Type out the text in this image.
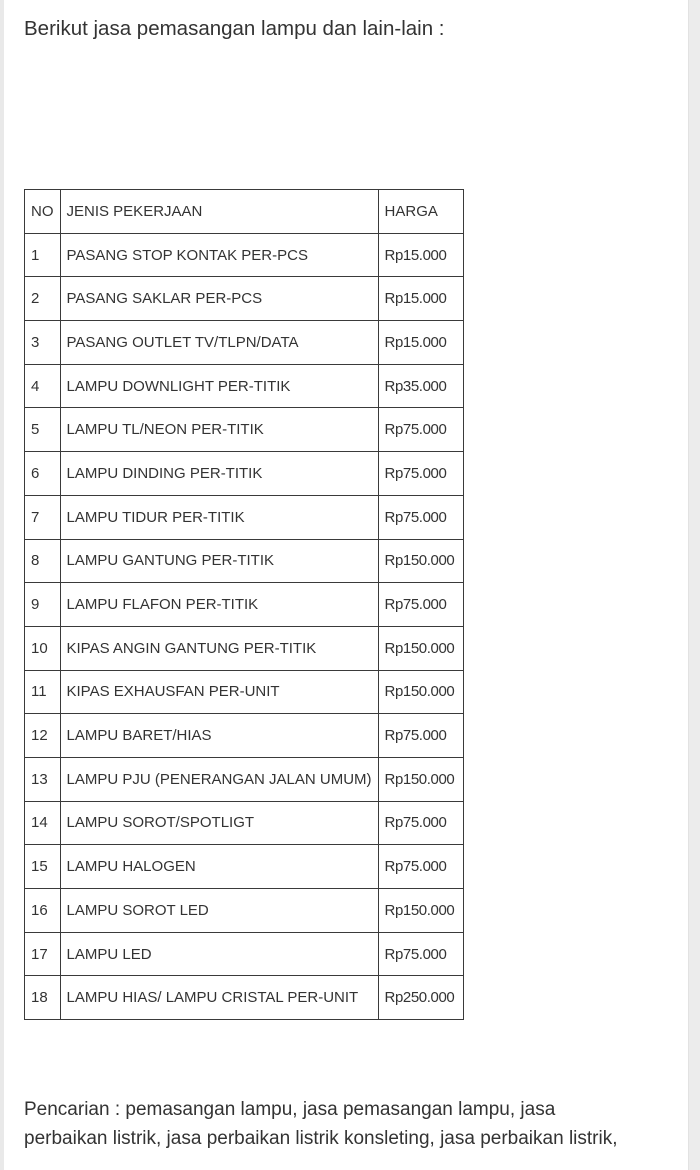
Berikut jasa pemasangan lampu dan lain-lain :
NO	JENIS PEKERJAAN	HARGA
1	PASANG STOP KONTAK PER-PCS	Rp15.000
2	PASANG SAKLAR PER-PCS	Rp15.000
3	PASANG OUTLET TV/TLPN/DATA	Rp15.000
4	LAMPU DOWNLIGHT PER-TITIK	Rp35.000
5	LAMPU TL/NEON PER-TITIK	Rp75.000
6	LAMPU DINDING PER-TITIK	Rp75.000
7	LAMPU TIDUR PER-TITIK	Rp75.000
8	LAMPU GANTUNG PER-TITIK	Rp150.000
9	LAMPU FLAFON PER-TITIK	Rp75.000
10	KIPAS ANGIN GANTUNG PER-TITIK	Rp150.000
11	KIPAS EXHAUSFAN PER-UNIT	Rp150.000
12	LAMPU BARET/HIAS	Rp75.000
13	LAMPU PJU (PENERANGAN JALAN UMUM)	Rp150.000
14	LAMPU SOROT/SPOTLIGT	Rp75.000
15	LAMPU HALOGEN	Rp75.000
16	LAMPU SOROT LED	Rp150.000
17	LAMPU LED	Rp75.000
18	LAMPU HIAS/ LAMPU CRISTAL PER-UNIT	Rp250.000

Pencarian : pemasangan lampu, jasa pemasangan lampu, jasa
perbaikan listrik, jasa perbaikan listrik konsleting, jasa perbaikan listrik,
